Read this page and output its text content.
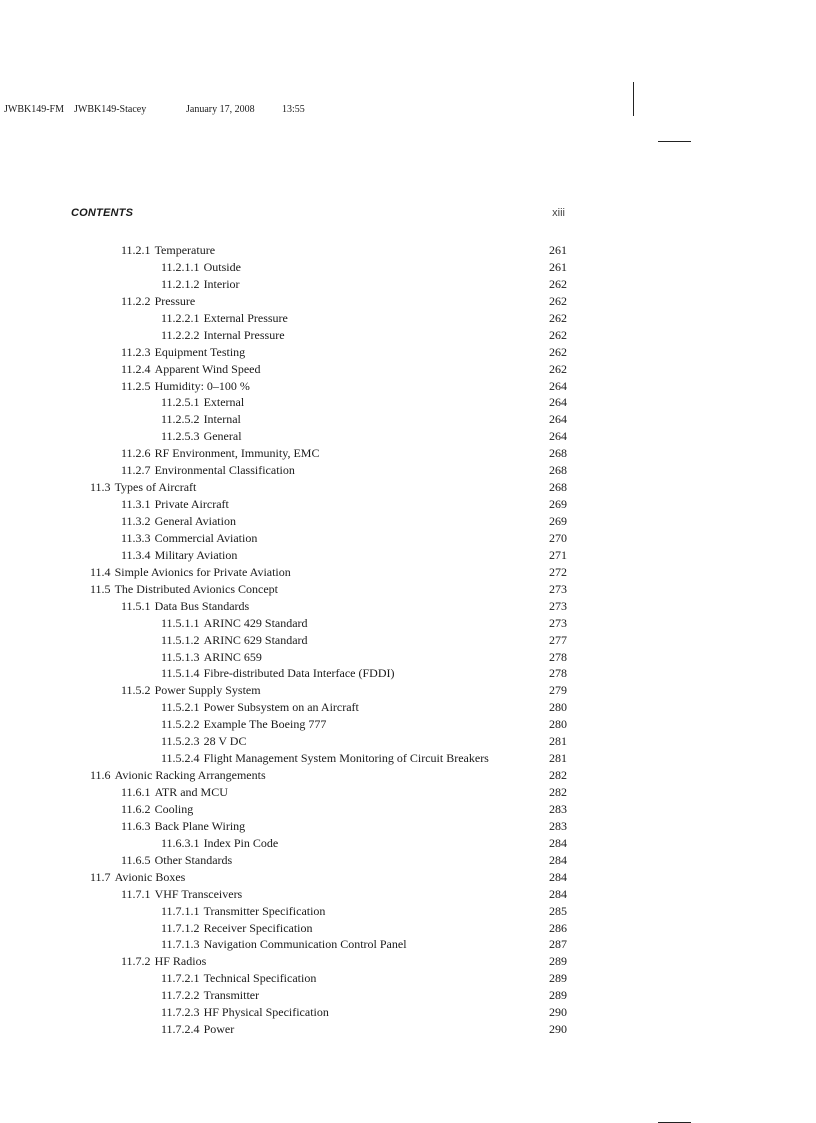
JWBK149-FM JWBK149-Stacey	January 17, 2008	13:55
CONTENTS	xiii
11.2.1 Temperature	261
11.2.1.1 Outside	261
11.2.1.2 Interior	262
11.2.2 Pressure	262
11.2.2.1 External Pressure	262
11.2.2.2 Internal Pressure	262
11.2.3 Equipment Testing	262
11.2.4 Apparent Wind Speed	262
11.2.5 Humidity: 0–100 %	264
11.2.5.1 External	264
11.2.5.2 Internal	264
11.2.5.3 General	264
11.2.6 RF Environment, Immunity, EMC	268
11.2.7 Environmental Classification	268
11.3 Types of Aircraft	268
11.3.1 Private Aircraft	269
11.3.2 General Aviation	269
11.3.3 Commercial Aviation	270
11.3.4 Military Aviation	271
11.4 Simple Avionics for Private Aviation	272
11.5 The Distributed Avionics Concept	273
11.5.1 Data Bus Standards	273
11.5.1.1 ARINC 429 Standard	273
11.5.1.2 ARINC 629 Standard	277
11.5.1.3 ARINC 659	278
11.5.1.4 Fibre-distributed Data Interface (FDDI)	278
11.5.2 Power Supply System	279
11.5.2.1 Power Subsystem on an Aircraft	280
11.5.2.2 Example The Boeing 777	280
11.5.2.3 28 V DC	281
11.5.2.4 Flight Management System Monitoring of Circuit Breakers	281
11.6 Avionic Racking Arrangements	282
11.6.1 ATR and MCU	282
11.6.2 Cooling	283
11.6.3 Back Plane Wiring	283
11.6.3.1 Index Pin Code	284
11.6.5 Other Standards	284
11.7 Avionic Boxes	284
11.7.1 VHF Transceivers	284
11.7.1.1 Transmitter Specification	285
11.7.1.2 Receiver Specification	286
11.7.1.3 Navigation Communication Control Panel	287
11.7.2 HF Radios	289
11.7.2.1 Technical Specification	289
11.7.2.2 Transmitter	289
11.7.2.3 HF Physical Specification	290
11.7.2.4 Power	290
